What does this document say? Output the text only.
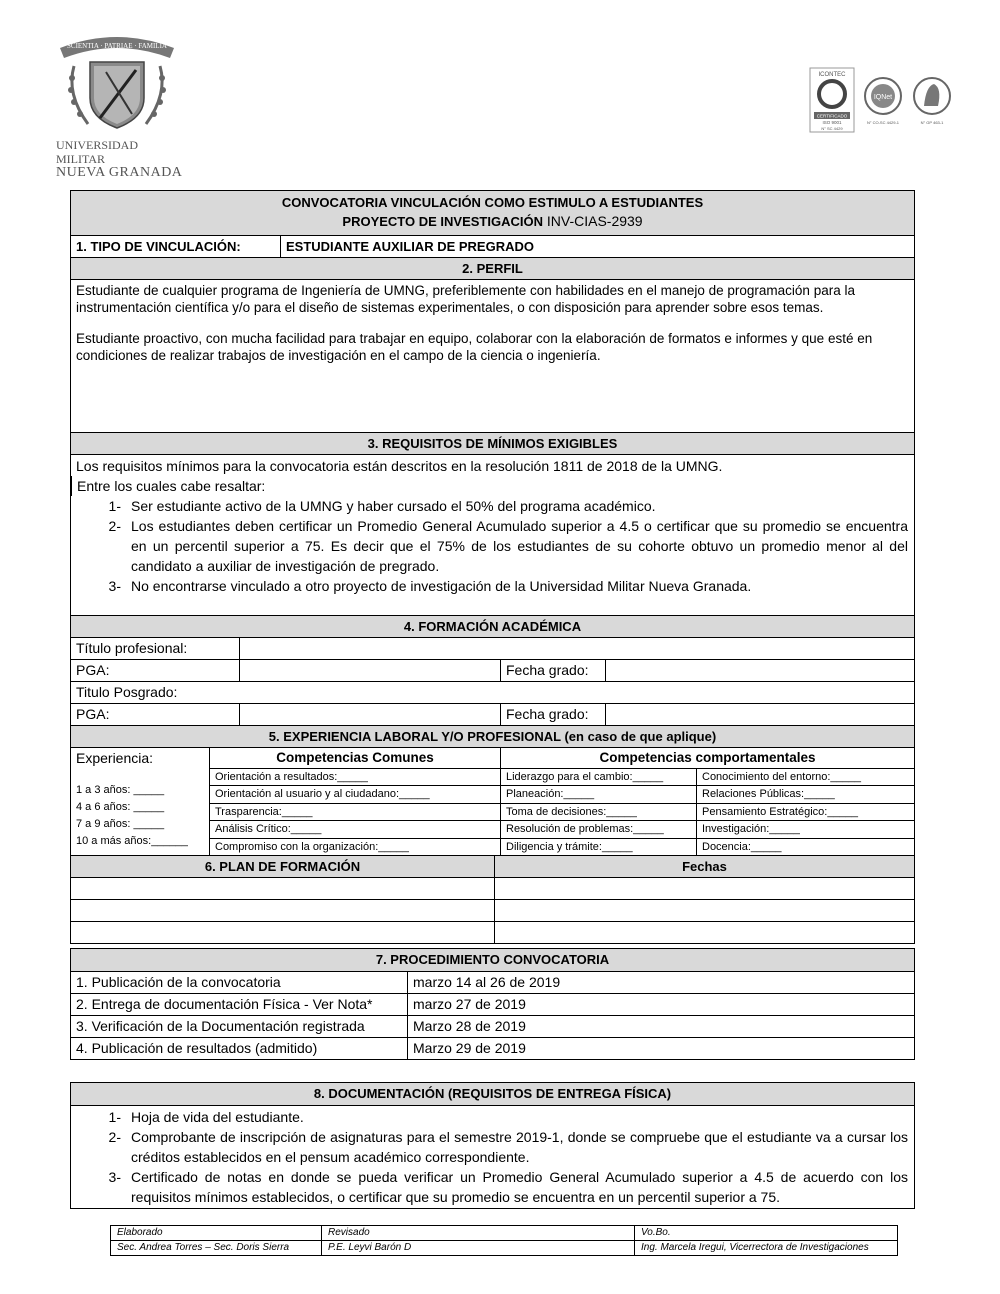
SCIENTIA · PATRIAE · FAMILIA
UNIVERSIDAD MILITAR
NUEVA GRANADA
ICONTEC
CERTIFICADO
ISO 9001
N° SC 4429
IQNet
N° CO-SC 4429-1	N° GP 463-1
CONVOCATORIA VINCULACIÓN COMO ESTIMULO A ESTUDIANTES
PROYECTO DE INVESTIGACIÓN INV-CIAS-2939
1. TIPO DE VINCULACIÓN:	ESTUDIANTE AUXILIAR DE PREGRADO
2. PERFIL
Estudiante de cualquier programa de Ingeniería de UMNG, preferiblemente con habilidades en el manejo de programación para la instrumentación científica y/o para el diseño de sistemas experimentales, o con disposición para aprender sobre esos temas.
Estudiante proactivo, con mucha facilidad para trabajar en equipo, colaborar con la elaboración de formatos e informes y que esté en condiciones de realizar trabajos de investigación en el campo de la ciencia o ingeniería.
3. REQUISITOS DE MÍNIMOS EXIGIBLES
Los requisitos mínimos para la convocatoria están descritos en la resolución 1811 de 2018 de la UMNG.
Entre los cuales cabe resaltar:
1- Ser estudiante activo de la UMNG y haber cursado el 50% del programa académico.
2- Los estudiantes deben certificar un Promedio General Acumulado superior a 4.5 o certificar que su promedio se encuentra en un percentil superior a 75. Es decir que el 75% de los estudiantes de su cohorte obtuvo un promedio menor al del candidato a auxiliar de investigación de pregrado.
3- No encontrarse vinculado a otro proyecto de investigación de la Universidad Militar Nueva Granada.
4. FORMACIÓN ACADÉMICA
Título profesional:
PGA:	Fecha grado:
Titulo Posgrado:
PGA:	Fecha grado:
5. EXPERIENCIA LABORAL Y/O PROFESIONAL (en caso de que aplique)
Experiencia:
1 a 3 años: _____
4 a 6 años: _____
7 a 9 años: _____
10 a más años:______
Competencias Comunes	Competencias comportamentales
Orientación a resultados:_____	Liderazgo para el cambio:_____	Conocimiento del entorno:_____
Orientación al usuario y al ciudadano:_____	Planeación:_____	Relaciones Públicas:_____
Trasparencia:_____	Toma de decisiones:_____	Pensamiento Estratégico:_____
Análisis Crítico:_____	Resolución de problemas:_____	Investigación:_____
Compromiso con la organización:_____	Diligencia y trámite:_____	Docencia:_____
6. PLAN DE FORMACIÓN	Fechas
7. PROCEDIMIENTO CONVOCATORIA
1. Publicación de la convocatoria	marzo 14 al 26 de 2019
2. Entrega de documentación Física - Ver Nota*	marzo 27 de 2019
3. Verificación de la Documentación registrada	Marzo 28 de 2019
4. Publicación de resultados (admitido)	Marzo 29 de 2019
8. DOCUMENTACIÓN (REQUISITOS DE ENTREGA FÍSICA)
1- Hoja de vida del estudiante.
2- Comprobante de inscripción de asignaturas para el semestre 2019-1, donde se compruebe que el estudiante va a cursar los créditos establecidos en el pensum académico correspondiente.
3- Certificado de notas en donde se pueda verificar un Promedio General Acumulado superior a 4.5 de acuerdo con los requisitos mínimos establecidos, o certificar que su promedio se encuentra en un percentil superior a 75.
Elaborado	Revisado	Vo.Bo.
Sec. Andrea Torres – Sec. Doris Sierra	P.E. Leyvi Barón D	Ing. Marcela Iregui, Vicerrectora de Investigaciones
